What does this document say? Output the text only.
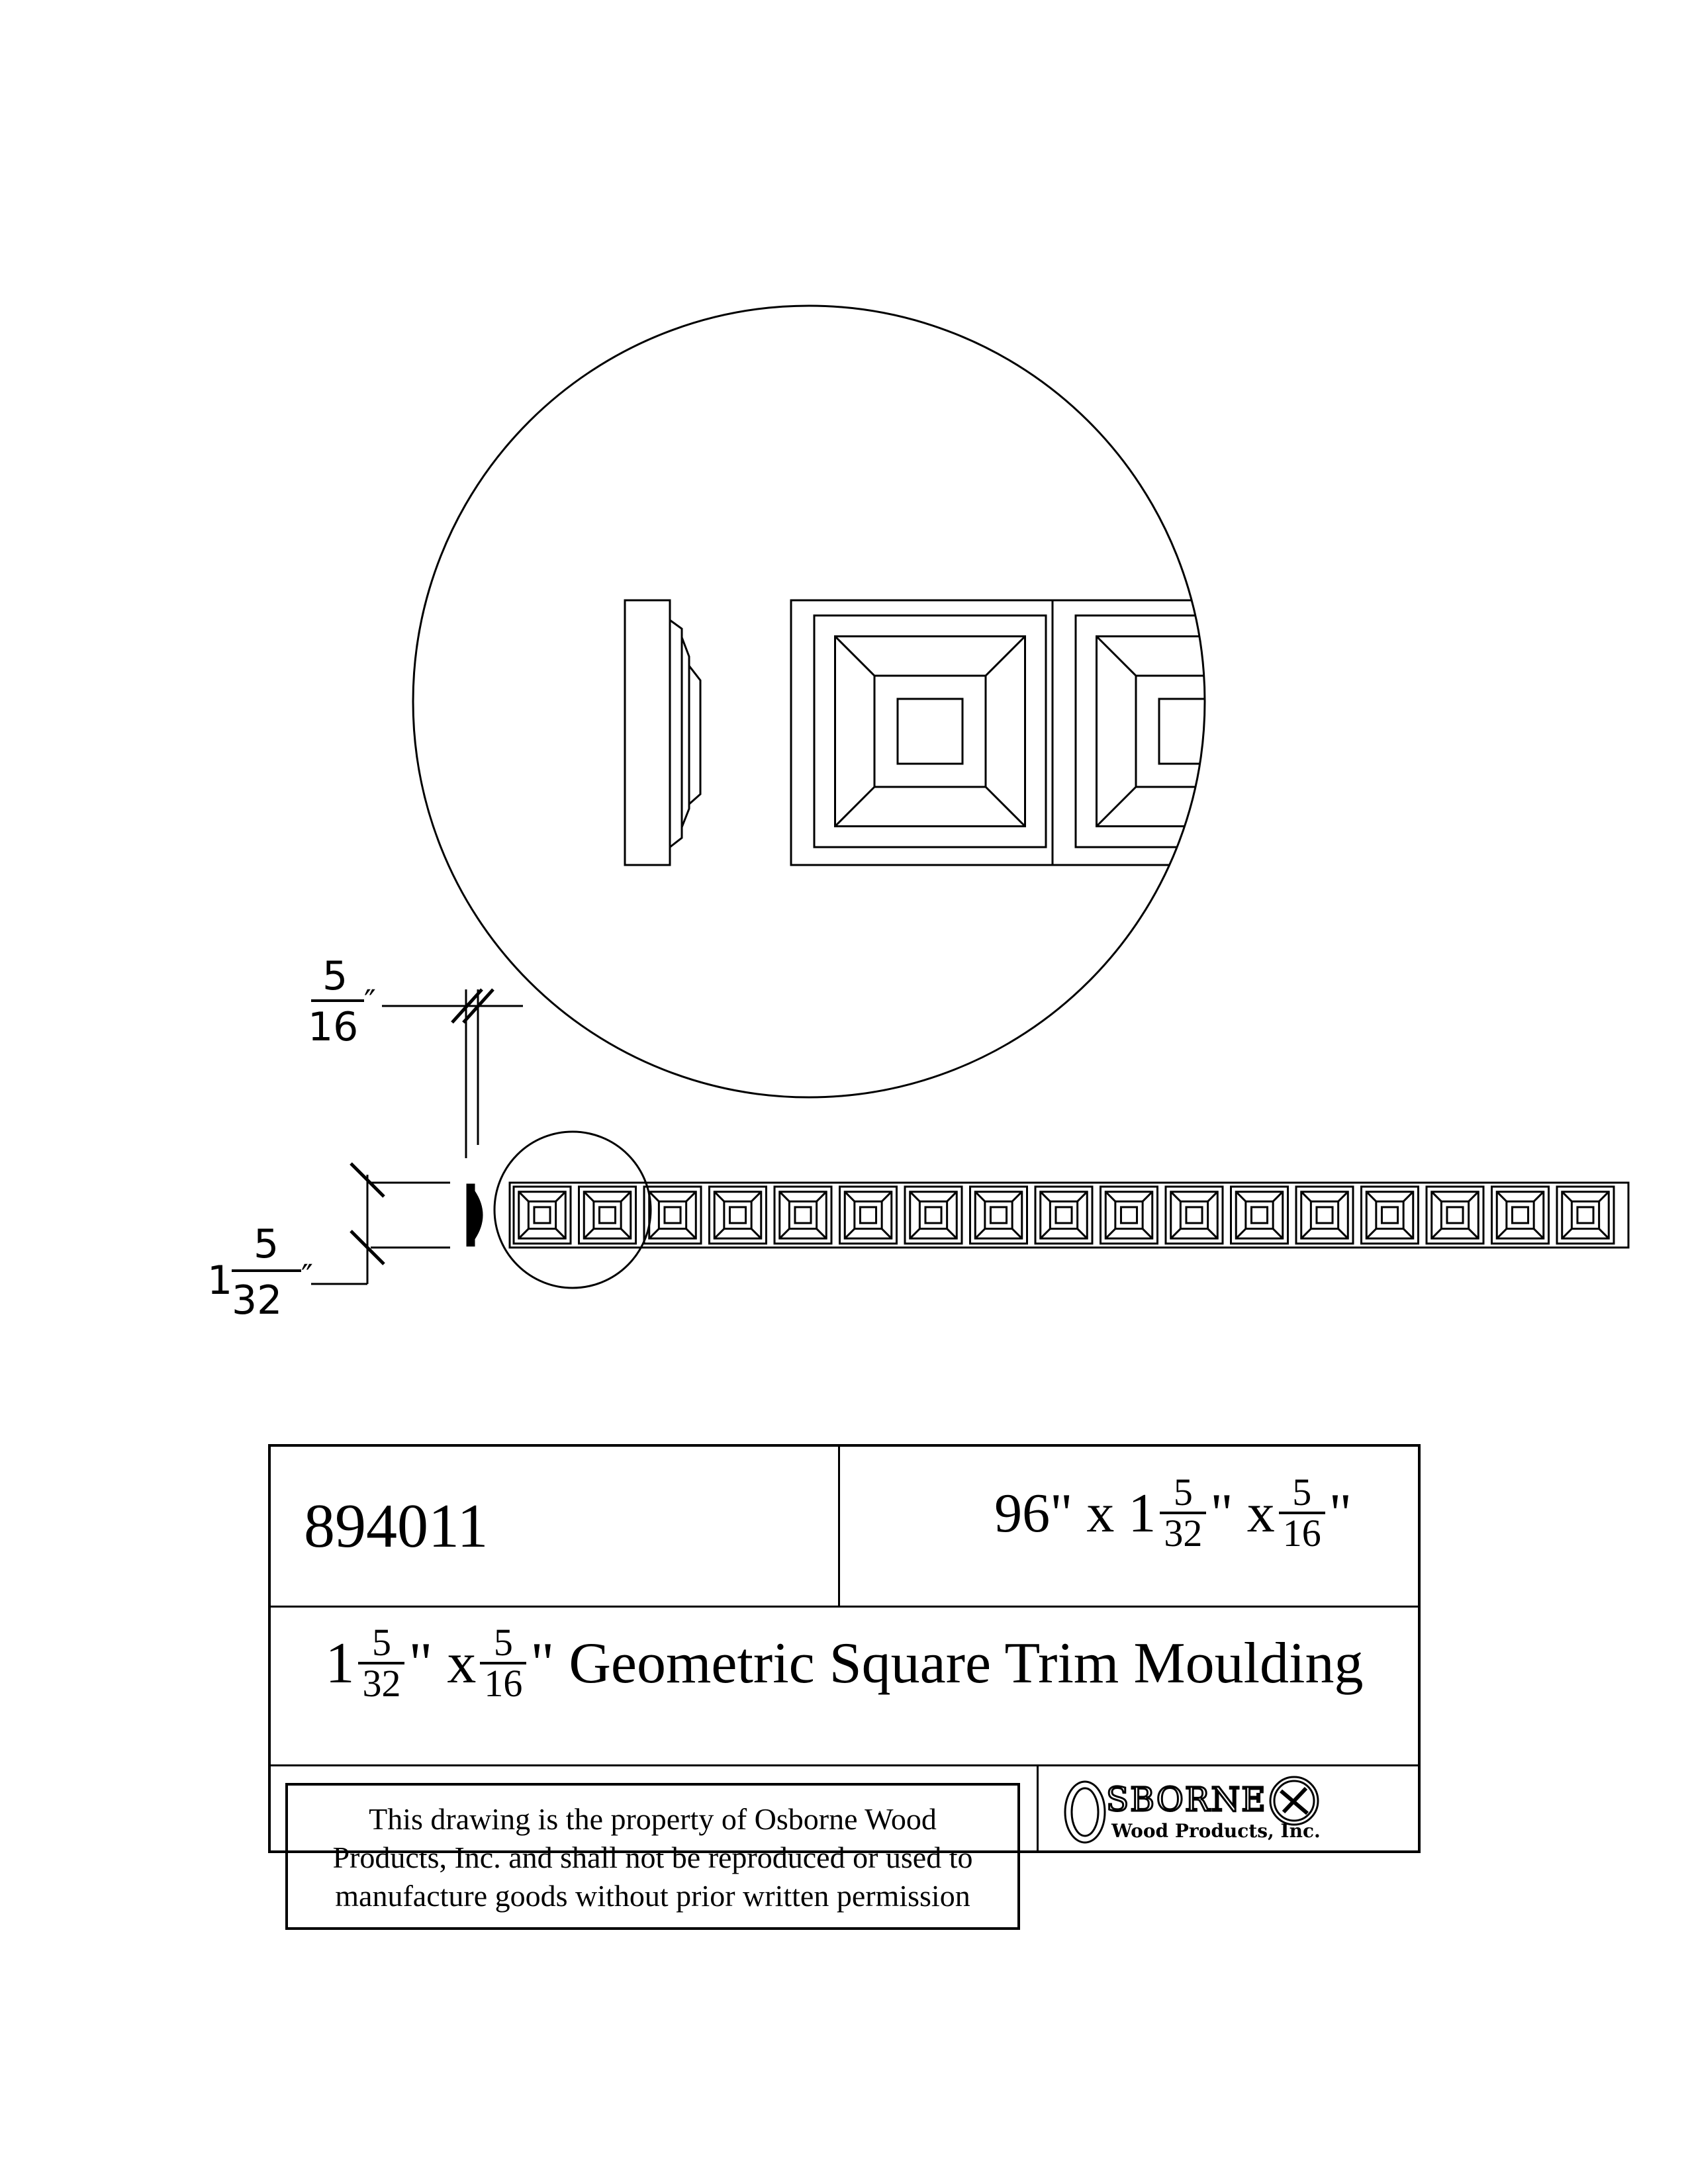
5
16
″
1
5
32
″
894011	96"
x
$1 \frac{5}{32}$ "
x $\frac{5}{16}$ "
$1 \frac{5}{32}$ "
x $\frac{5}{16}$ "
Geometric Square Trim Moulding
This drawing is the property of Osborne Wood
Products, Inc. and shall not be reproduced or used to
manufacture goods without prior written permission
O
SBORNE
Wood Products, Inc.
